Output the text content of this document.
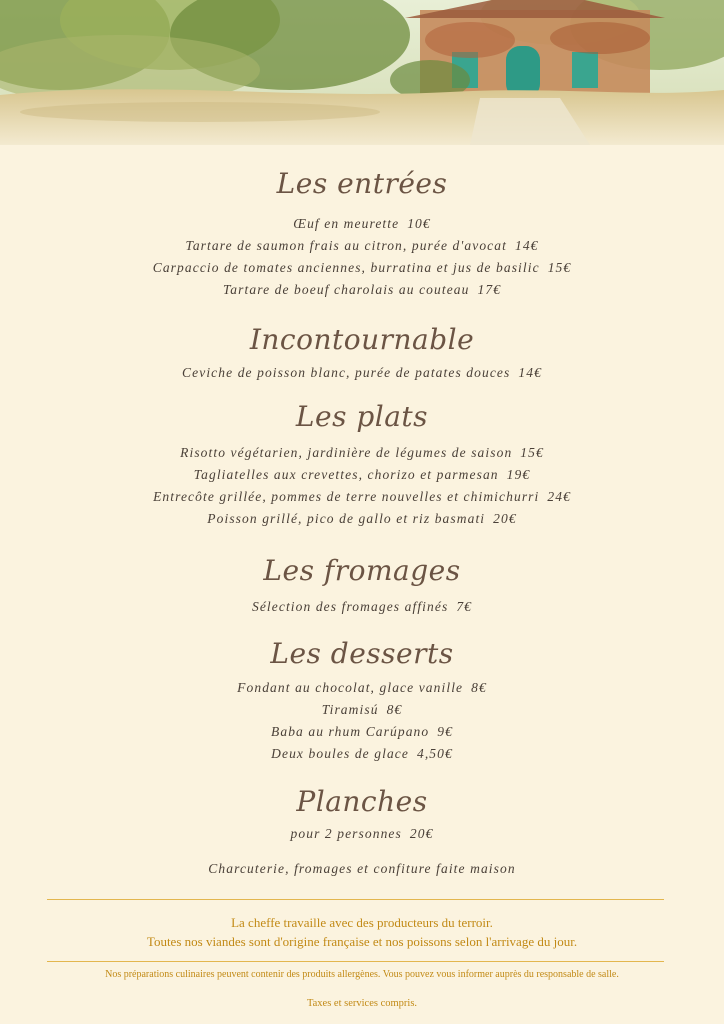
Les entrées

Œuf en meurette 10€

Tartare de saumon frais au citron, purée d'avocat 14€

Carpaccio de tomates anciennes, burratina et jus de basilic 15€

Tartare de boeuf charolais au couteau 17€

Incontournable

Ceviche de poisson blanc, purée de patates douces 14€

Les plats

Risotto végétarien, jardinière de légumes de saison 15€

Tagliatelles aux crevettes, chorizo et parmesan 19€

Entrecôte grillée, pommes de terre nouvelles et chimichurri 24€

Poisson grillé, pico de gallo et riz basmati 20€

Les fromages

Sélection des fromages affinés 7€

Les desserts

Fondant au chocolat, glace vanille 8€

Tiramisú 8€

Baba au rhum Carúpano 9€

Deux boules de glace 4,50€

Planches

pour 2 personnes 20€

Charcuterie, fromages et confiture faite maison

La cheffe travaille avec des producteurs du terroir.
Toutes nos viandes sont d'origine française et nos poissons selon l'arrivage du jour.
Nos préparations culinaires peuvent contenir des produits allergènes. Vous pouvez vous informer auprès du responsable de salle.
Taxes et services compris.
